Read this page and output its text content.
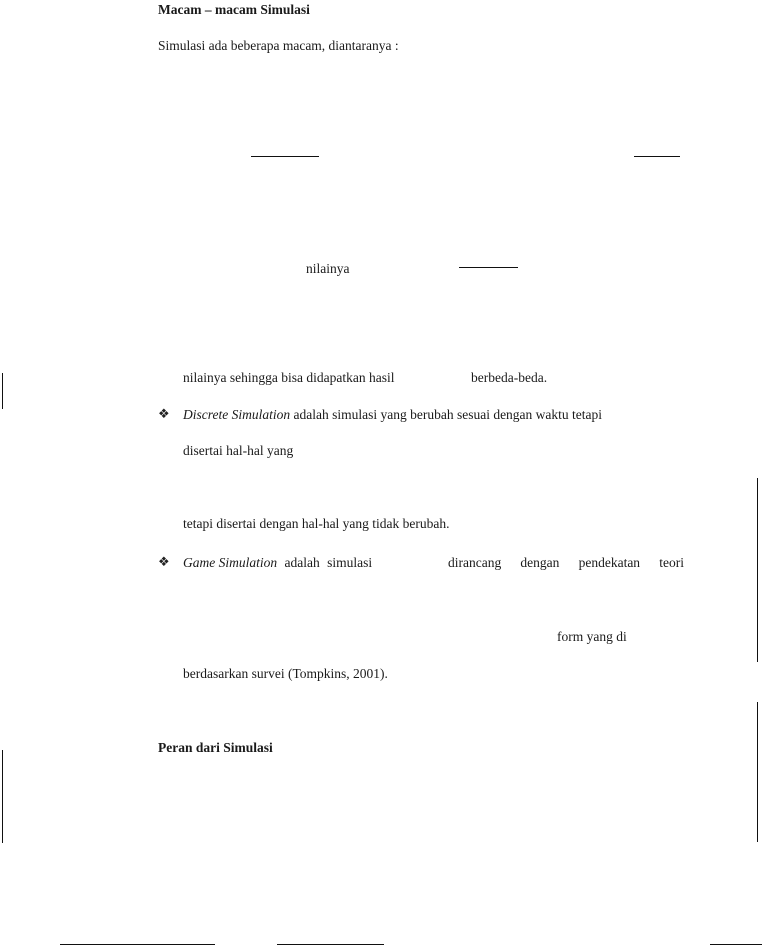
Macam – macam Simulasi
Simulasi ada beberapa macam, diantaranya :
nilainya
nilainya sehingga bisa didapatkan hasil	berbeda-beda.
❖ Discrete Simulation adalah simulasi yang berubah sesuai dengan waktu tetapi
disertai hal-hal yang
tetapi disertai dengan hal-hal yang tidak berubah.
❖ Game Simulation adalah simulasi	dirancang dengan pendekatan teori
form yang di
berdasarkan survei (Tompkins, 2001).
Peran dari Simulasi
